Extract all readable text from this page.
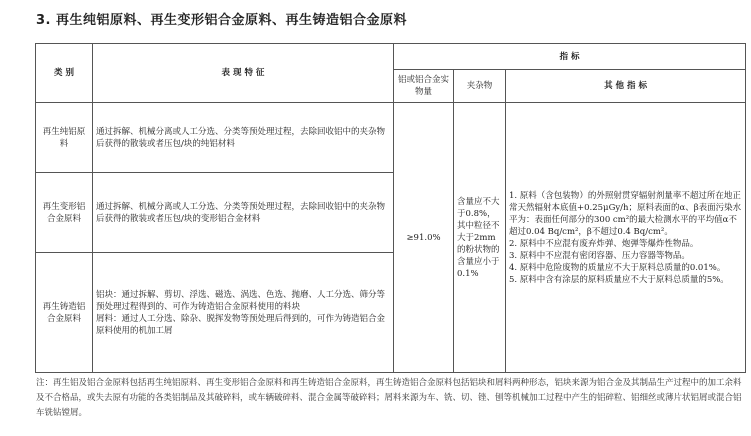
3. 再生纯铝原料、再生变形铝合金原料、再生铸造铝合金原料
类 别	表 现 特 征	指 标		
		铝或铝合金实物量	夹杂物	其 他 指 标
再生纯铝原料	通过拆解、机械分离或人工分选、分类等预处理过程，去除回收铝中的夹杂物后获得的散装或者压包/块的纯铝材料	≥91.0%	含量应不大于0.8%，其中粒径不大于2mm的粉状物的含量应小于0.1%	1. 原料（含包装物）的外照射贯穿辐射剂量率不超过所在地正常天然辐射本底值+0.25μGy/h；原料表面的α、β表面污染水平为：表面任何部分的300 cm²的最大检测水平的平均值α不超过0.04 Bq/cm²，β不超过0.4 Bq/cm²。
2. 原料中不应混有废弃炸弹、炮弹等爆炸性物品。
3. 原料中不应混有密闭容器、压力容器等物品。
4. 原料中危险废物的质量应不大于原料总质量的0.01%。
5. 原料中含有涂层的原料质量应不大于原料总质量的5%。

再生变形铝合金原料	通过拆解、机械分离或人工分选、分类等预处理过程，去除回收铝中的夹杂物后获得的散装或者压包/块的变形铝合金材料			
再生铸造铝合金原料	铝块：通过拆解、剪切、浮选、磁选、涡选、色选、抛磨、人工分选、筛分等预处理过程得到的、可作为铸造铝合金原料使用的料块
屑料：通过人工分选、除杂、脱挥发物等预处理后得到的，可作为铸造铝合金原料使用的机加工屑			

注：再生铝及铝合金原料包括再生纯铝原料、再生变形铝合金原料和再生铸造铝合金原料，再生铸造铝合金原料包括铝块和屑料两种形态，铝块来源为铝合金及其制品生产过程中的加工余料及不合格品，或失去原有功能的各类铝制品及其破碎料，或车辆破碎料、混合金属等破碎料；屑料来源为车、铣、切、锉、刨等机械加工过程中产生的铝碎粒、铝细丝或薄片状铝屑或混合铝车铣钻镗屑。
